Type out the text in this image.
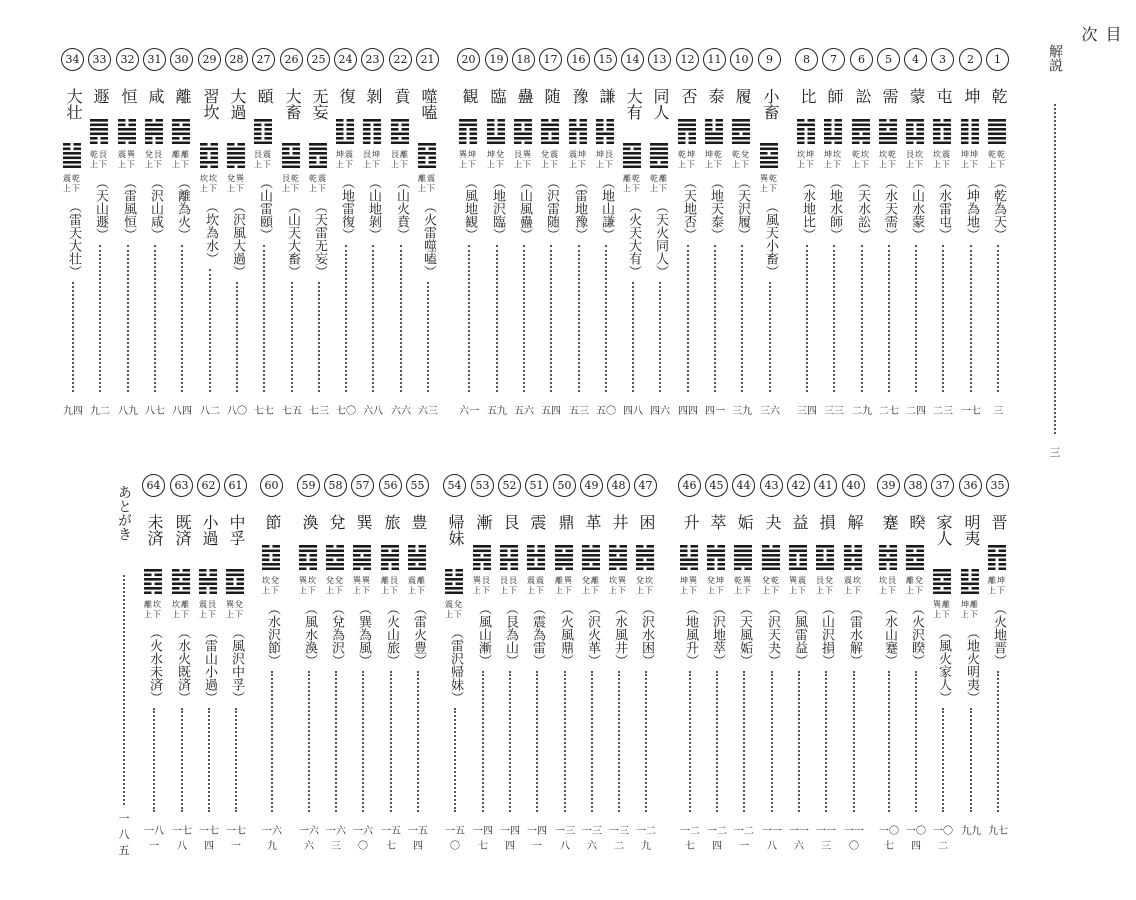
目次
解説
三
あとがき
一八五
1
乾
乾 乾
上 下
（乾為天）
三
2
坤
坤 坤
上 下
（坤為地）
一七
3
屯
坎 震
上 下
（水雷屯）
二三
4
蒙
艮 坎
上 下
（山水蒙）
二四
5
需
坎 乾
上 下
（水天需）
二七
6
訟
乾 坎
上 下
（天水訟）
二九
7
師
坤 坎
上 下
（地水師）
三三
8
比
坎 坤
上 下
（水地比）
三四
9
小畜
巽 乾
上 下
（風天小畜）
三六
10
履
乾 兌
上 下
（天沢履）
三九
11
泰
坤 乾
上 下
（地天泰）
四一
12
否
乾 坤
上 下
（天地否）
四四
13
同人
乾 離
上 下
（天火同人）
四六
14
大有
離 乾
上 下
（火天大有）
四八
15
謙
坤 艮
上 下
（地山謙）
五〇
16
豫
震 坤
上 下
（雷地豫）
五三
17
随
兌 震
上 下
（沢雷随）
五四
18
蠱
艮 巽
上 下
（山風蠱）
五六
19
臨
坤 兌
上 下
（地沢臨）
五九
20
観
巽 坤
上 下
（風地観）
六一
21
噬嗑
離 震
上 下
（火雷噬嗑）
六三
22
賁
艮 離
上 下
（山火賁）
六六
23
剝
艮 坤
上 下
（山地剝）
六八
24
復
坤 震
上 下
（地雷復）
七〇
25
无妄
乾 震
上 下
（天雷无妄）
七三
26
大畜
艮 乾
上 下
（山天大畜）
七五
27
頤
艮 震
上 下
（山雷頤）
七七
28
大過
兌 巽
上 下
（沢風大過）
八〇
29
習坎
坎 坎
上 下
（坎為水）
八二
30
離
離 離
上 下
（離為火）
八四
31
咸
兌 艮
上 下
（沢山咸）
八七
32
恒
震 巽
上 下
（雷風恒）
八九
33
遯
乾 艮
上 下
（天山遯）
九二
34
大壮
震 乾
上 下
（雷天大壮）
九四
35
晋
離 坤
上 下
（火地晋）
九七
36
明夷
坤 離
上 下
（地火明夷）
九九
37
家人
巽 離
上 下
（風火家人）
一〇二
38
睽
離 兌
上 下
（火沢睽）
一〇四
39
蹇
坎 艮
上 下
（水山蹇）
一〇七
40
解
震 坎
上 下
（雷水解）
一一〇
41
損
艮 兌
上 下
（山沢損）
一一三
42
益
巽 震
上 下
（風雷益）
一一六
43
夬
兌 乾
上 下
（沢天夬）
一一八
44
姤
乾 巽
上 下
（天風姤）
一二一
45
萃
兌 坤
上 下
（沢地萃）
一二四
46
升
坤 巽
上 下
（地風升）
一二七
47
困
兌 坎
上 下
（沢水困）
一二九
48
井
坎 巽
上 下
（水風井）
一三二
49
革
兌 離
上 下
（沢火革）
一三六
50
鼎
離 巽
上 下
（火風鼎）
一三八
51
震
震 震
上 下
（震為雷）
一四一
52
艮
艮 艮
上 下
（艮為山）
一四四
53
漸
巽 艮
上 下
（風山漸）
一四七
54
帰妹
震 兌
上 下
（雷沢帰妹）
一五〇
55
豊
震 離
上 下
（雷火豊）
一五四
56
旅
離 艮
上 下
（火山旅）
一五七
57
巽
巽 巽
上 下
（巽為風）
一六〇
58
兌
兌 兌
上 下
（兌為沢）
一六三
59
渙
巽 坎
上 下
（風水渙）
一六六
60
節
坎 兌
上 下
（水沢節）
一六九
61
中孚
巽 兌
上 下
（風沢中孚）
一七一
62
小過
震 艮
上 下
（雷山小過）
一七四
63
既済
坎 離
上 下
（水火既済）
一七八
64
未済
離 坎
上 下
（火水未済）
一八一
